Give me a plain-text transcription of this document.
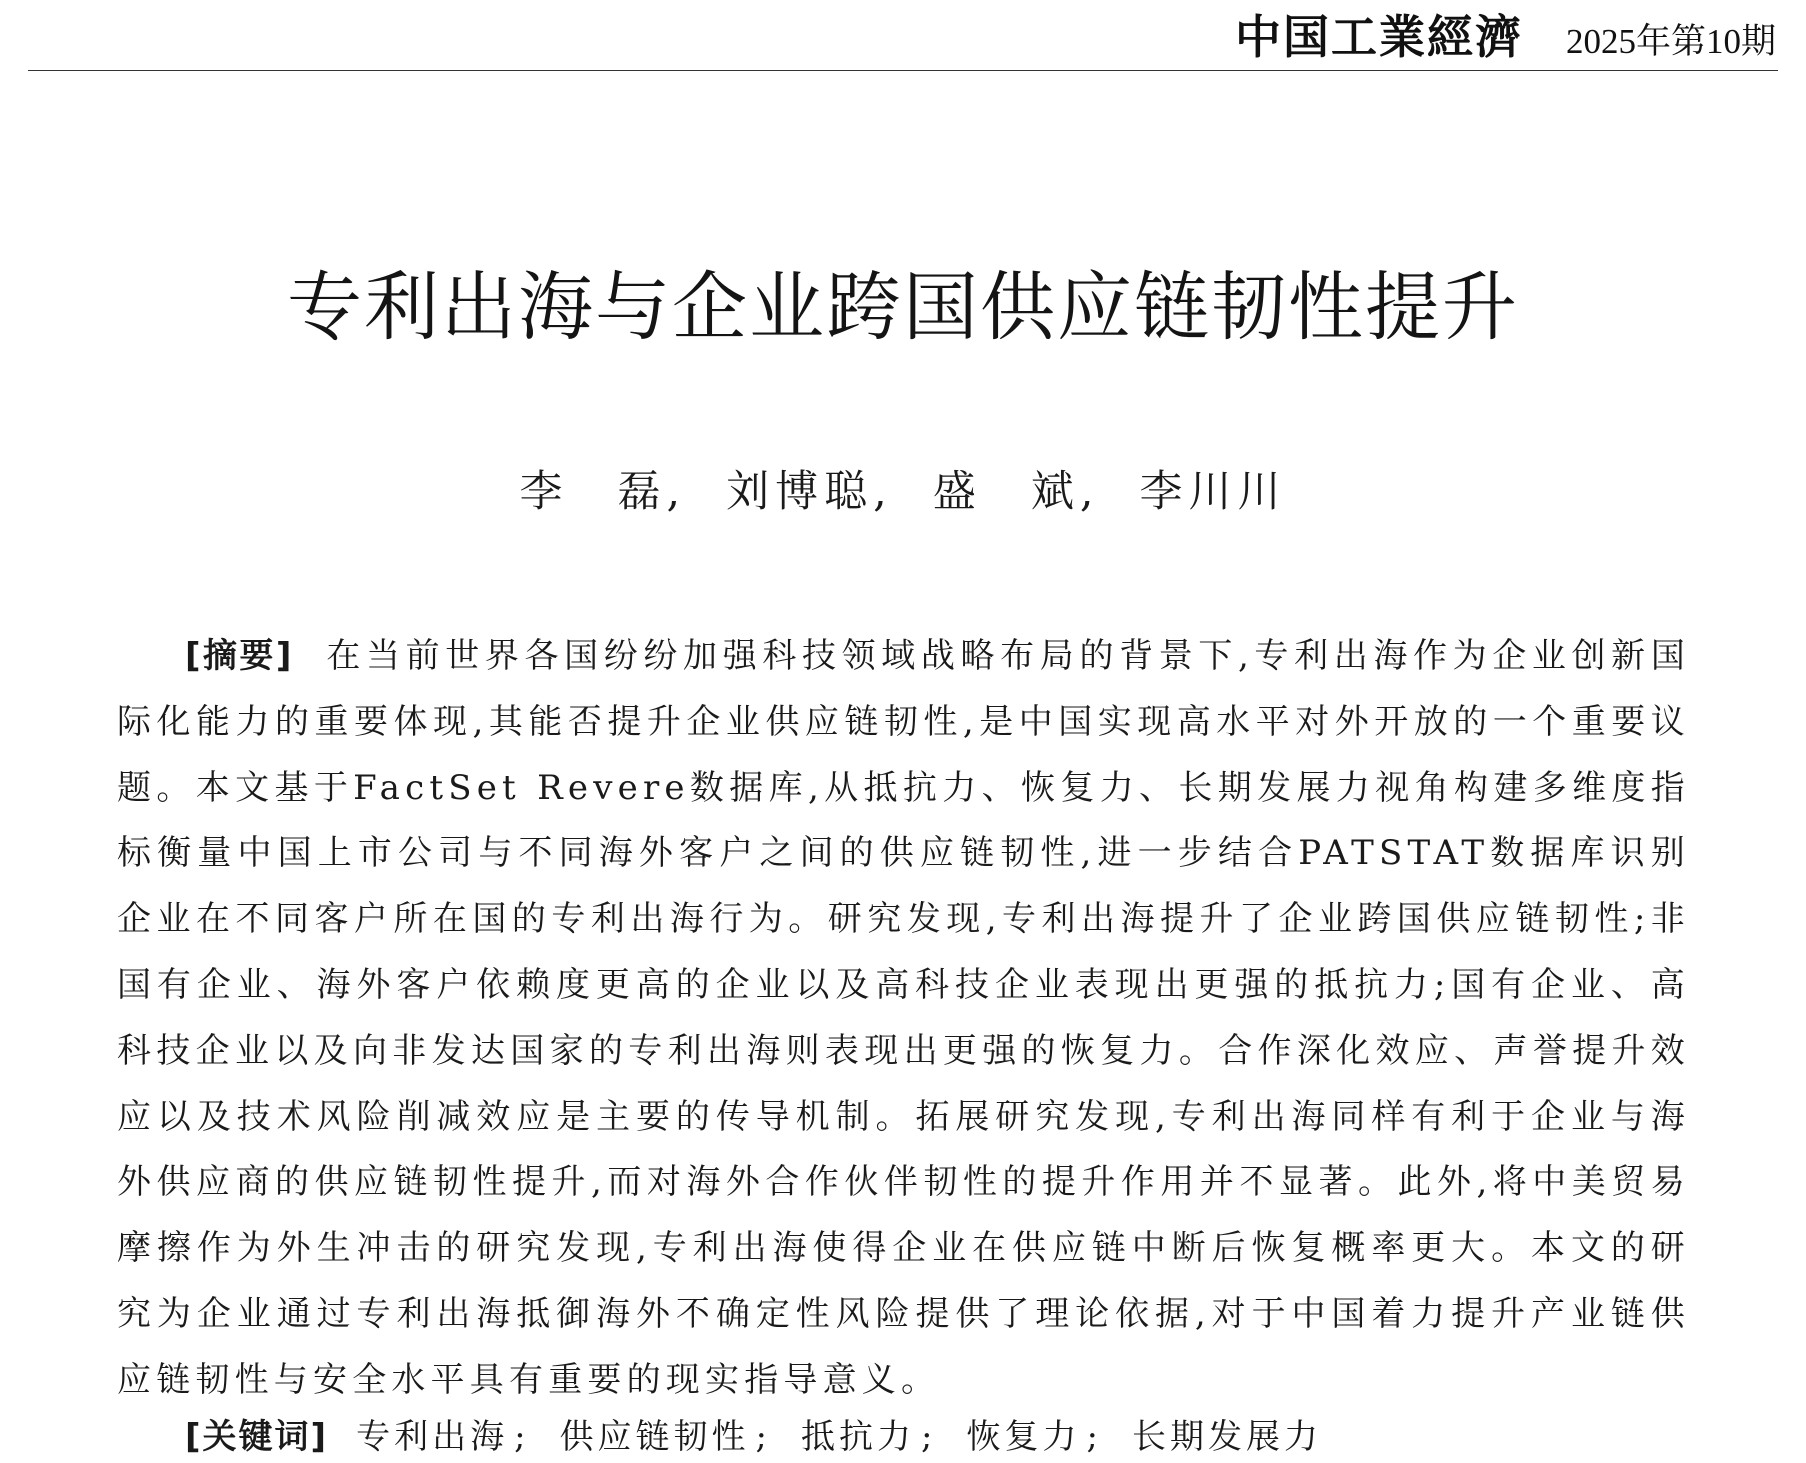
中国工業經濟 2025年第10期
专利出海与企业跨国供应链韧性提升
李　磊, 刘博聪, 盛　斌, 李川川

[摘要] 在当前世界各国纷纷加强科技领域战略布局的背景下,专利出海作为企业创新国际化能力的重要体现,其能否提升企业供应链韧性,是中国实现高水平对外开放的一个重要议题。本文基于FactSet Revere数据库,从抵抗力、恢复力、长期发展力视角构建多维度指标衡量中国上市公司与不同海外客户之间的供应链韧性,进一步结合PATSTAT数据库识别企业在不同客户所在国的专利出海行为。研究发现,专利出海提升了企业跨国供应链韧性;非国有企业、海外客户依赖度更高的企业以及高科技企业表现出更强的抵抗力;国有企业、高科技企业以及向非发达国家的专利出海则表现出更强的恢复力。合作深化效应、声誉提升效应以及技术风险削减效应是主要的传导机制。拓展研究发现,专利出海同样有利于企业与海外供应商的供应链韧性提升,而对海外合作伙伴韧性的提升作用并不显著。此外,将中美贸易摩擦作为外生冲击的研究发现,专利出海使得企业在供应链中断后恢复概率更大。本文的研究为企业通过专利出海抵御海外不确定性风险提供了理论依据,对于中国着力提升产业链供应链韧性与安全水平具有重要的现实指导意义。

[关键词] 专利出海 ; 供应链韧性 ; 抵抗力 ; 恢复力 ; 长期发展力
